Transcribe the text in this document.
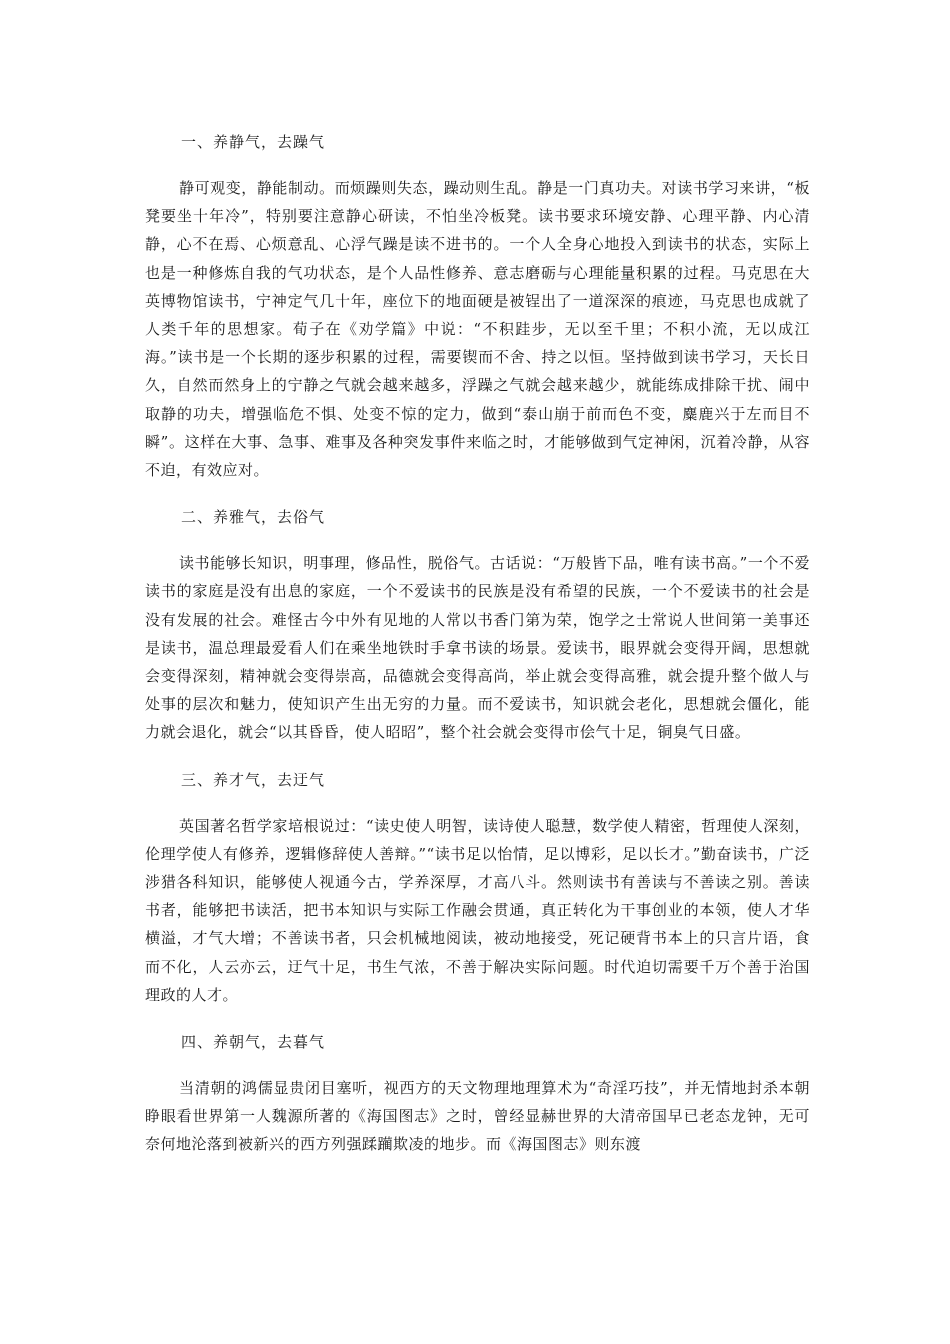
一、养静气，去躁气

静可观变，静能制动。而烦躁则失态，躁动则生乱。静是一门真功夫。对读书学习来讲，“板凳要坐十年冷”，特别要注意静心研读，不怕坐冷板凳。读书要求环境安静、心理平静、内心清静，心不在焉、心烦意乱、心浮气躁是读不进书的。一个人全身心地投入到读书的状态，实际上也是一种修炼自我的气功状态，是个人品性修养、意志磨砺与心理能量积累的过程。马克思在大英博物馆读书，宁神定气几十年，座位下的地面硬是被锃出了一道深深的痕迹，马克思也成就了人类千年的思想家。荀子在《劝学篇》中说：“不积跬步，无以至千里；不积小流，无以成江海。”读书是一个长期的逐步积累的过程，需要锲而不舍、持之以恒。坚持做到读书学习，天长日久，自然而然身上的宁静之气就会越来越多，浮躁之气就会越来越少，就能练成排除干扰、闹中取静的功夫，增强临危不惧、处变不惊的定力，做到“泰山崩于前而色不变，麋鹿兴于左而目不瞬”。这样在大事、急事、难事及各种突发事件来临之时，才能够做到气定神闲，沉着冷静，从容不迫，有效应对。

二、养雅气，去俗气

读书能够长知识，明事理，修品性，脱俗气。古话说：“万般皆下品，唯有读书高。”一个不爱读书的家庭是没有出息的家庭，一个不爱读书的民族是没有希望的民族，一个不爱读书的社会是没有发展的社会。难怪古今中外有见地的人常以书香门第为荣，饱学之士常说人世间第一美事还是读书，温总理最爱看人们在乘坐地铁时手拿书读的场景。爱读书，眼界就会变得开阔，思想就会变得深刻，精神就会变得崇高，品德就会变得高尚，举止就会变得高雅，就会提升整个做人与处事的层次和魅力，使知识产生出无穷的力量。而不爱读书，知识就会老化，思想就会僵化，能力就会退化，就会“以其昏昏，使人昭昭”，整个社会就会变得市侩气十足，铜臭气日盛。

三、养才气，去迂气

英国著名哲学家培根说过：“读史使人明智，读诗使人聪慧，数学使人精密，哲理使人深刻，伦理学使人有修养，逻辑修辞使人善辩。”“读书足以怡情，足以博彩，足以长才。”勤奋读书，广泛涉猎各科知识，能够使人视通今古，学养深厚，才高八斗。然则读书有善读与不善读之别。善读书者，能够把书读活，把书本知识与实际工作融会贯通，真正转化为干事创业的本领，使人才华横溢，才气大增；不善读书者，只会机械地阅读，被动地接受，死记硬背书本上的只言片语，食而不化，人云亦云，迂气十足，书生气浓，不善于解决实际问题。时代迫切需要千万个善于治国理政的人才。

四、养朝气，去暮气

当清朝的鸿儒显贵闭目塞听，视西方的天文物理地理算术为“奇淫巧技”，并无情地封杀本朝睁眼看世界第一人魏源所著的《海国图志》之时，曾经显赫世界的大清帝国早已老态龙钟，无可奈何地沦落到被新兴的西方列强蹂躏欺凌的地步。而《海国图志》则东渡
